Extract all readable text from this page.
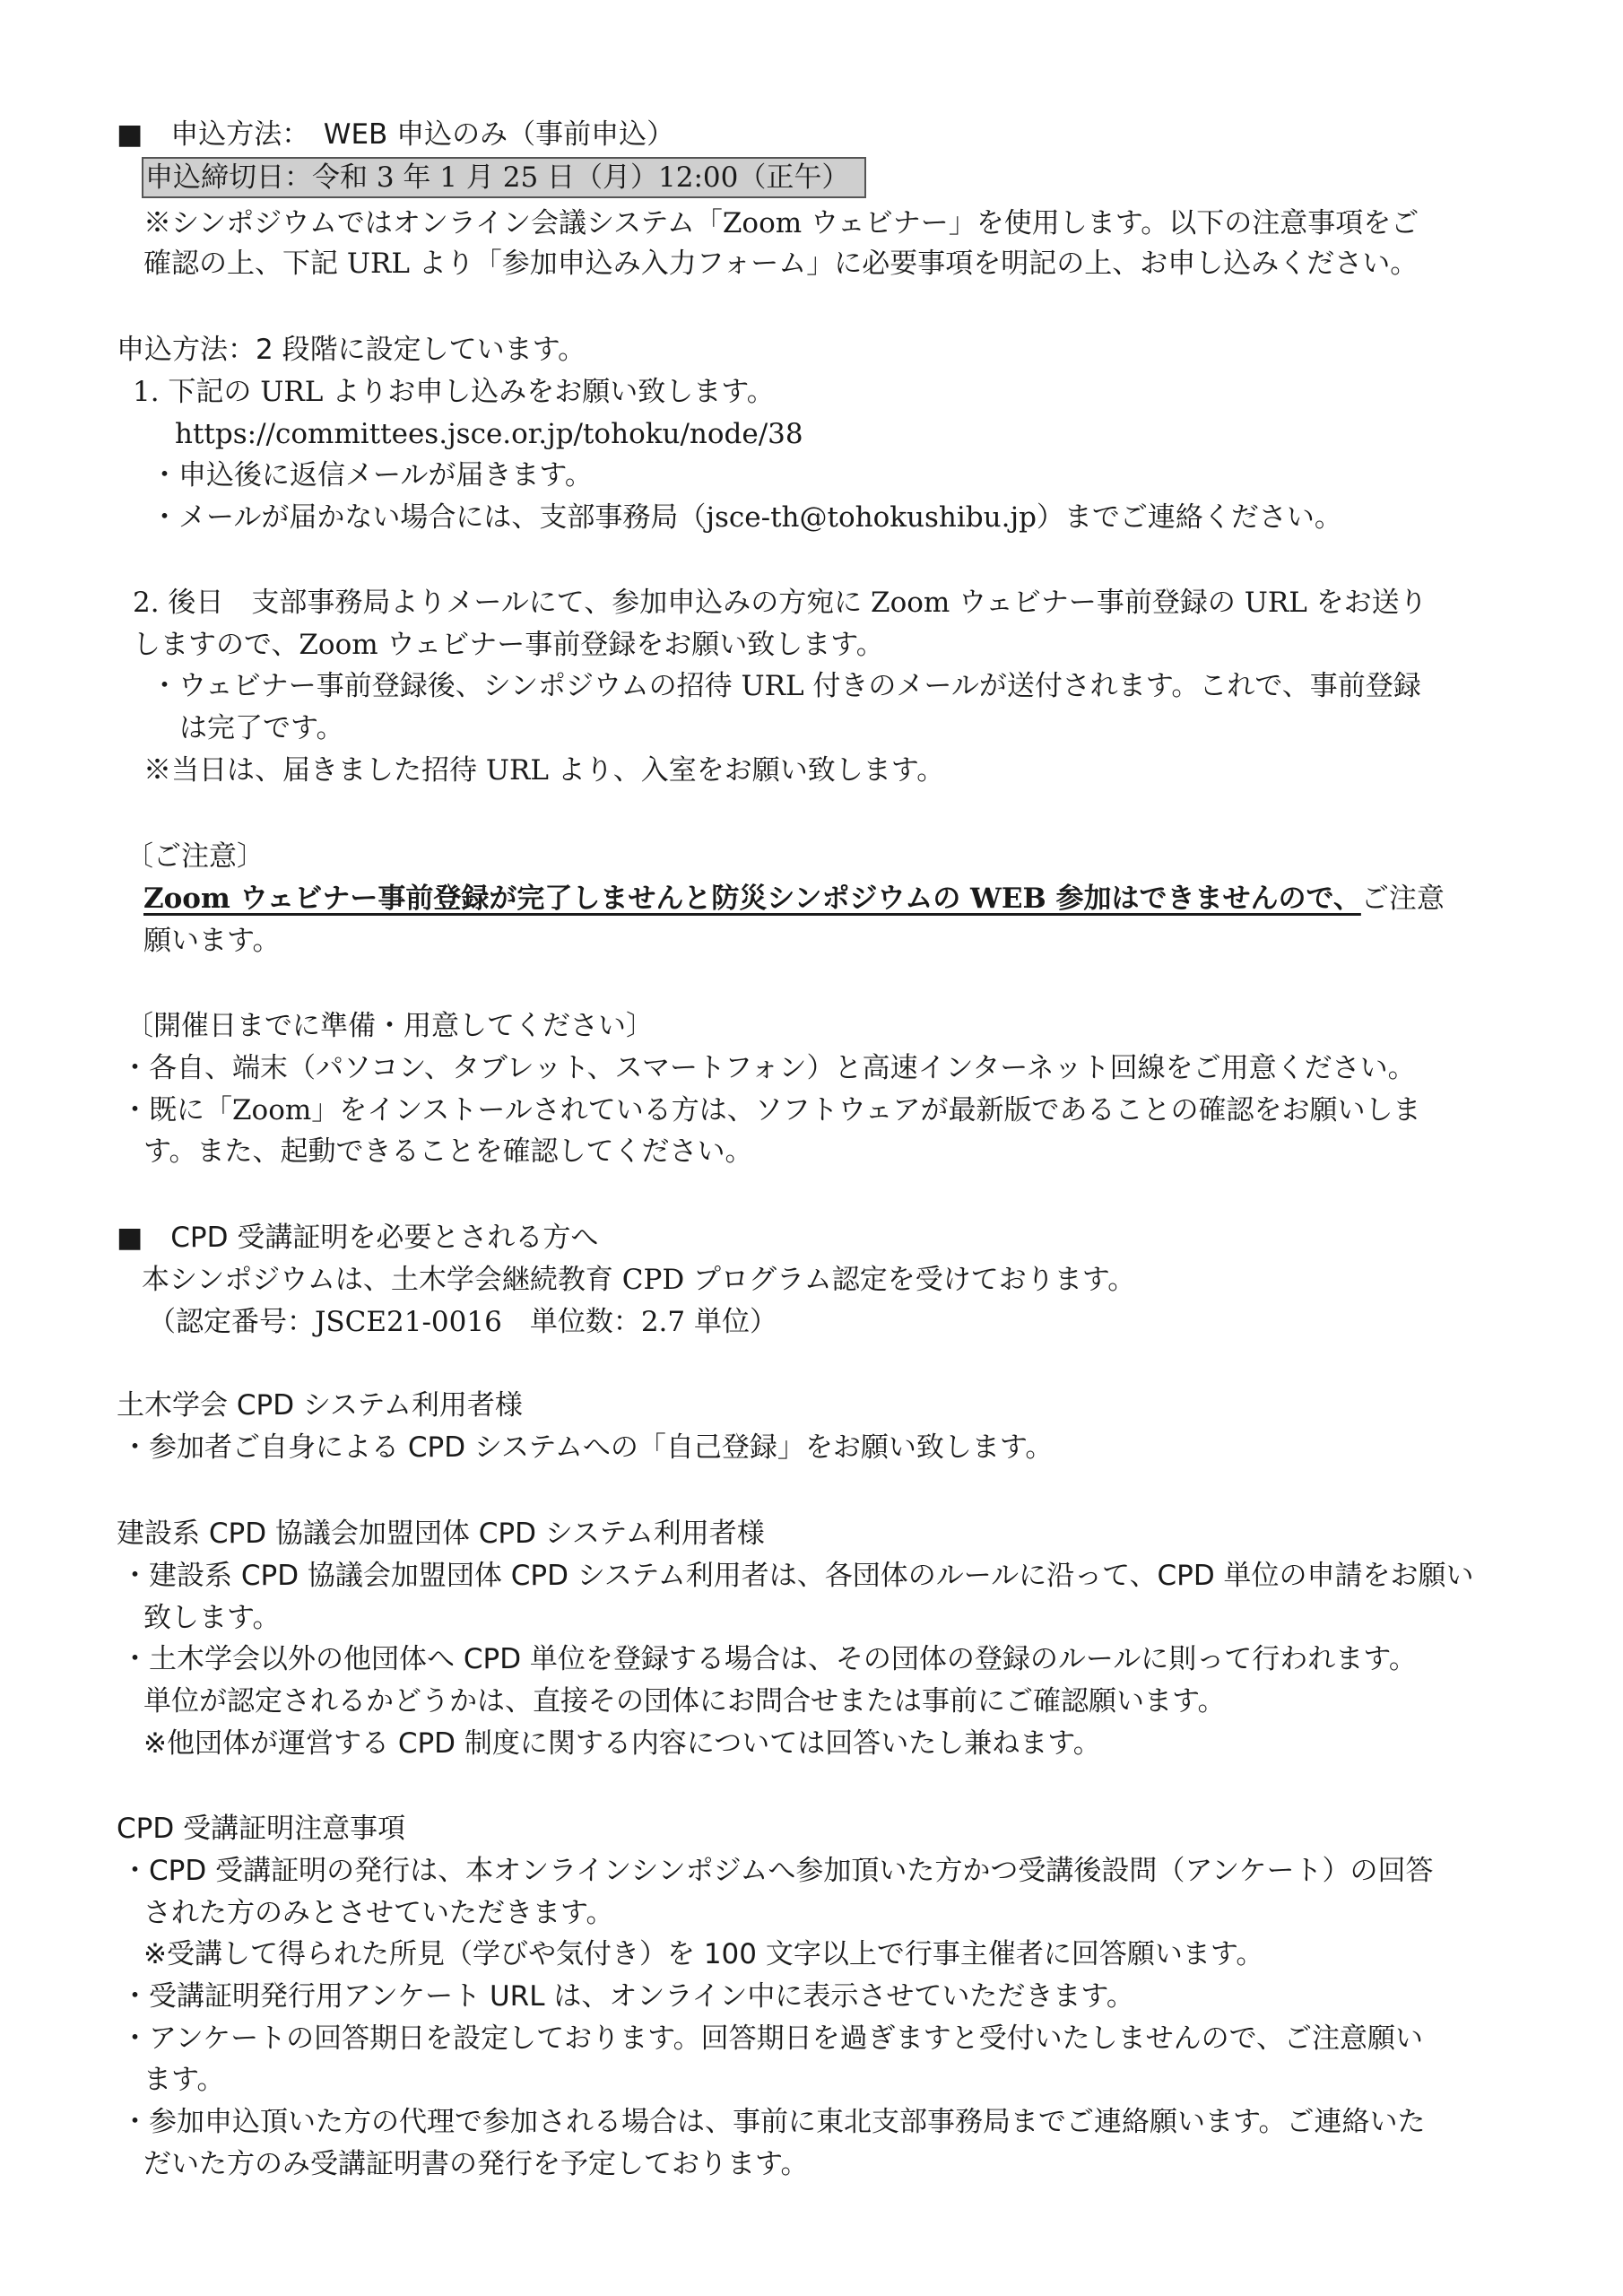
■　申込方法：　WEB 申込のみ（事前申込）
申込締切日：令和 3 年 1 月 25 日（月）12:00（正午）
※シンポジウムではオンライン会議システム「Zoom ウェビナー」を使用します。以下の注意事項をご
確認の上、下記 URL より「参加申込み入力フォーム」に必要事項を明記の上、お申し込みください。
申込方法：2 段階に設定しています。
1. 下記の URL よりお申し込みをお願い致します。
https://committees.jsce.or.jp/tohoku/node/38
・申込後に返信メールが届きます。
・メールが届かない場合には、支部事務局（jsce-th@tohokushibu.jp）までご連絡ください。
2. 後日　支部事務局よりメールにて、参加申込みの方宛に Zoom ウェビナー事前登録の URL をお送り
しますので、Zoom ウェビナー事前登録をお願い致します。
・ウェビナー事前登録後、シンポジウムの招待 URL 付きのメールが送付されます。これで、事前登録
は完了です。
※当日は、届きました招待 URL より、入室をお願い致します。
〔ご注意〕
Zoom ウェビナー事前登録が完了しませんと防災シンポジウムの WEB 参加はできませんので、ご注意
願います。
〔開催日までに準備・用意してください〕
・各自、端末（パソコン、タブレット、スマートフォン）と高速インターネット回線をご用意ください。
・既に「Zoom」をインストールされている方は、ソフトウェアが最新版であることの確認をお願いしま
す。また、起動できることを確認してください。
■　CPD 受講証明を必要とされる方へ
本シンポジウムは、土木学会継続教育 CPD プログラム認定を受けております。
（認定番号：JSCE21-0016　単位数：2.7 単位）
土木学会 CPD システム利用者様
・参加者ご自身による CPD システムへの「自己登録」をお願い致します。
建設系 CPD 協議会加盟団体 CPD システム利用者様
・建設系 CPD 協議会加盟団体 CPD システム利用者は、各団体のルールに沿って、CPD 単位の申請をお願い
致します。
・土木学会以外の他団体へ CPD 単位を登録する場合は、その団体の登録のルールに則って行われます。
単位が認定されるかどうかは、直接その団体にお問合せまたは事前にご確認願います。
※他団体が運営する CPD 制度に関する内容については回答いたし兼ねます。
CPD 受講証明注意事項
・CPD 受講証明の発行は、本オンラインシンポジムへ参加頂いた方かつ受講後設問（アンケート）の回答
された方のみとさせていただきます。
※受講して得られた所見（学びや気付き）を 100 文字以上で行事主催者に回答願います。
・受講証明発行用アンケート URL は、オンライン中に表示させていただきます。
・アンケートの回答期日を設定しております。回答期日を過ぎますと受付いたしませんので、ご注意願い
ます。
・参加申込頂いた方の代理で参加される場合は、事前に東北支部事務局までご連絡願います。ご連絡いた
だいた方のみ受講証明書の発行を予定しております。
